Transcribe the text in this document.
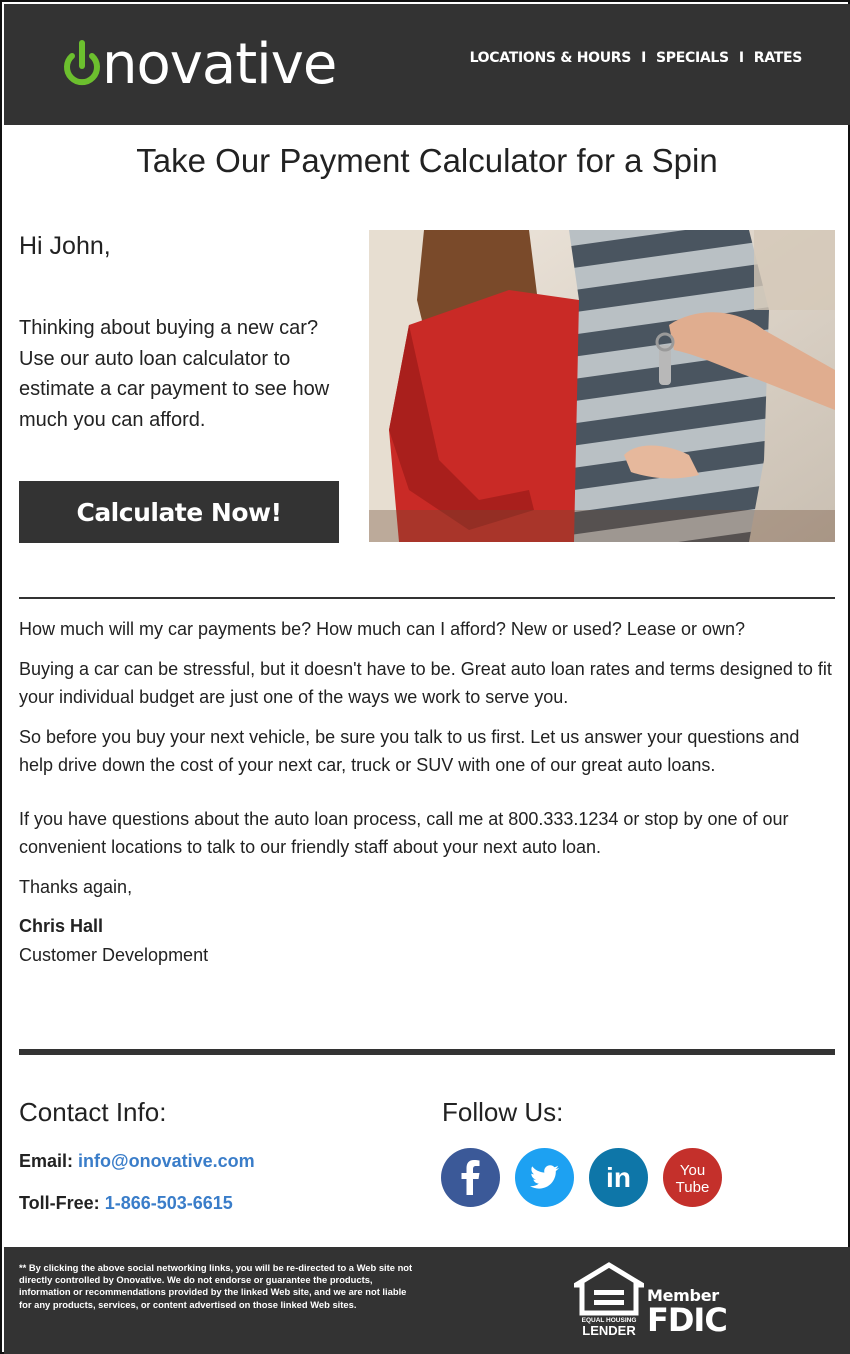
novative	LOCATIONS & HOURS I SPECIALS I RATES
Take Our Payment Calculator for a Spin
Hi John,
Thinking about buying a new car? Use our auto loan calculator to estimate a car payment to see how much you can afford.
Calculate Now!

How much will my car payments be? How much can I afford? New or used? Lease or own?

Buying a car can be stressful, but it doesn't have to be. Great auto loan rates and terms designed to fit your individual budget are just one of the ways we work to serve you.

So before you buy your next vehicle, be sure you talk to us first. Let us answer your questions and help drive down the cost of your next car, truck or SUV with one of our great auto loans.

If you have questions about the auto loan process, call me at 800.333.1234 or stop by one of our convenient locations to talk to our friendly staff about your next auto loan.

Thanks again,

Chris Hall
Customer Development
Contact Info:
Email: info@onovative.com
Toll-Free: 1-866-503-6615
Follow Us:
in	You
Tube
** By clicking the above social networking links, you will be re-directed to a Web site not directly controlled by Onovative. We do not endorse or guarantee the products, information or recommendations provided by the linked Web site, and we are not liable for any products, services, or content advertised on those linked Web sites.
EQUAL HOUSING
LENDER
Member
FDIC
